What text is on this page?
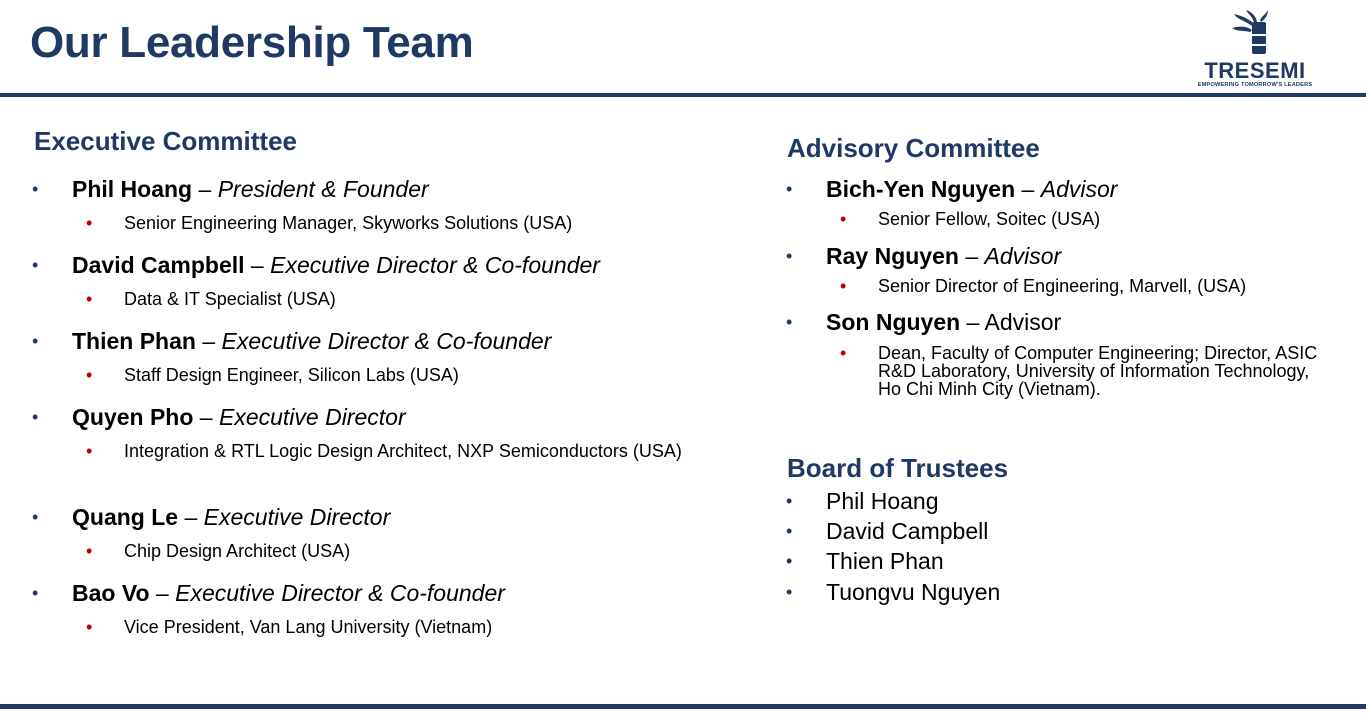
Our Leadership Team
TRESEMI
EMPOWERING TOMORROW'S LEADERS
Executive Committee
• Phil Hoang – President & Founder
• Senior Engineering Manager, Skyworks Solutions (USA)
• David Campbell – Executive Director & Co-founder
• Data & IT Specialist (USA)
• Thien Phan – Executive Director & Co-founder
• Staff Design Engineer, Silicon Labs (USA)
• Quyen Pho – Executive Director
• Integration & RTL Logic Design Architect, NXP Semiconductors (USA)
• Quang Le – Executive Director
• Chip Design Architect (USA)
• Bao Vo – Executive Director & Co-founder
• Vice President, Van Lang University (Vietnam)
Advisory Committee
• Bich-Yen Nguyen – Advisor
• Senior Fellow, Soitec (USA)
• Ray Nguyen – Advisor
• Senior Director of Engineering, Marvell, (USA)
• Son Nguyen – Advisor
• Dean, Faculty of Computer Engineering; Director, ASIC R&D Laboratory, University of Information Technology, Ho Chi Minh City (Vietnam).
Board of Trustees
• Phil Hoang
• David Campbell
• Thien Phan
• Tuongvu Nguyen
